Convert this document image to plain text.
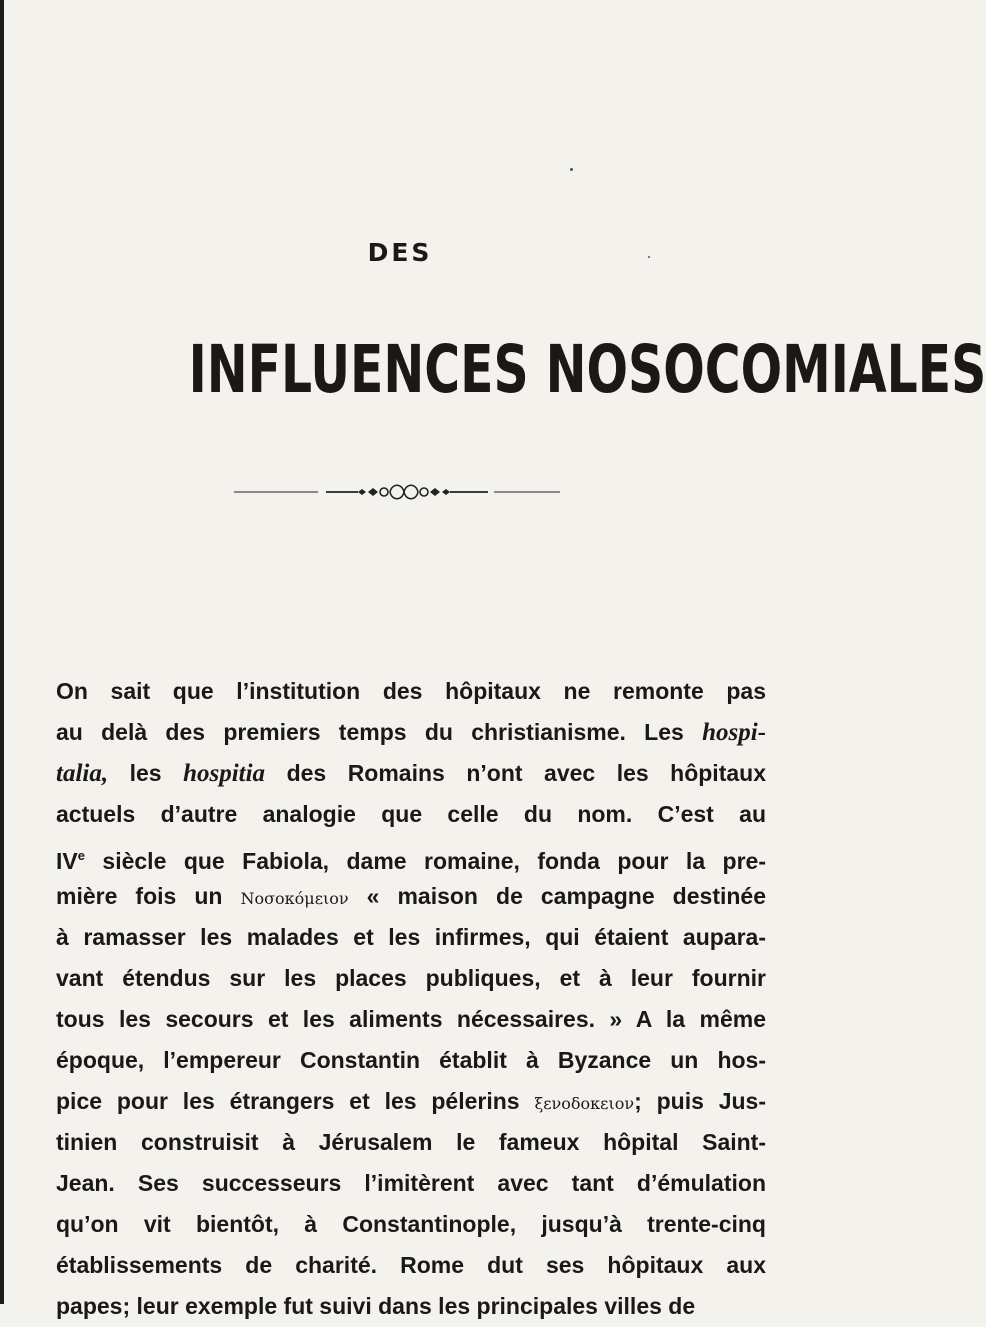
DES
INFLUENCES NOSOCOMIALES
On sait que l’institution des hôpitaux ne remonte pas
au delà des premiers temps du christianisme. Les hospi-
talia, les hospitia des Romains n’ont avec les hôpitaux
actuels d’autre analogie que celle du nom. C’est au
IVe siècle que Fabiola, dame romaine, fonda pour la pre-
mière fois un Νοσοκόμειον « maison de campagne destinée
à ramasser les malades et les infirmes, qui étaient aupara-
vant étendus sur les places publiques, et à leur fournir
tous les secours et les aliments nécessaires. » A la même
époque, l’empereur Constantin établit à Byzance un hos-
pice pour les étrangers et les pélerins ξενοδοκειον; puis Jus-
tinien construisit à Jérusalem le fameux hôpital Saint-
Jean. Ses successeurs l’imitèrent avec tant d’émulation
qu’on vit bientôt, à Constantinople, jusqu’à trente-cinq
établissements de charité. Rome dut ses hôpitaux aux
papes; leur exemple fut suivi dans les principales villes de
